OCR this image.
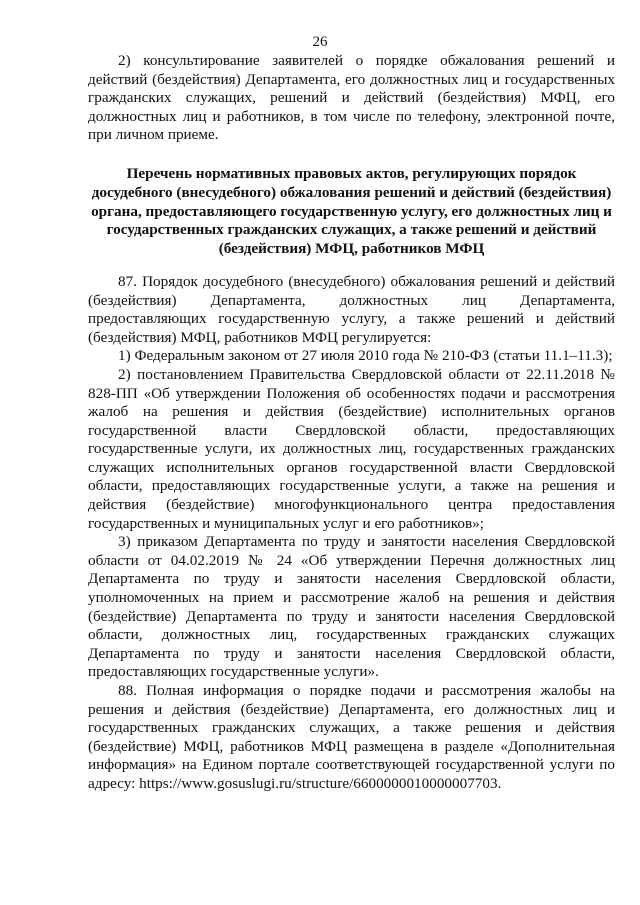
26

2) консультирование заявителей о порядке обжалования решений и действий (бездействия) Департамента, его должностных лиц и государственных гражданских служащих, решений и действий (бездействия) МФЦ, его должностных лиц и работников, в том числе по телефону, электронной почте, при личном приеме.

Перечень нормативных правовых актов, регулирующих порядок досудебного (внесудебного) обжалования решений и действий (бездействия) органа, предоставляющего государственную услугу, его должностных лиц и государственных гражданских служащих, а также решений и действий (бездействия) МФЦ, работников МФЦ

87. Порядок досудебного (внесудебного) обжалования решений и действий (бездействия) Департамента, должностных лиц Департамента, предоставляющих государственную услугу, а также решений и действий (бездействия) МФЦ, работников МФЦ регулируется:

1) Федеральным законом от 27 июля 2010 года № 210-ФЗ (статьи 11.1–11.3);

2) постановлением Правительства Свердловской области от 22.11.2018 № 828-ПП «Об утверждении Положения об особенностях подачи и рассмотрения жалоб на решения и действия (бездействие) исполнительных органов государственной власти Свердловской области, предоставляющих государственные услуги, их должностных лиц, государственных гражданских служащих исполнительных органов государственной власти Свердловской области, предоставляющих государственные услуги, а также на решения и действия (бездействие) многофункционального центра предоставления государственных и муниципальных услуг и его работников»;

3) приказом Департамента по труду и занятости населения Свердловской области от 04.02.2019 № 24 «Об утверждении Перечня должностных лиц Департамента по труду и занятости населения Свердловской области, уполномоченных на прием и рассмотрение жалоб на решения и действия (бездействие) Департамента по труду и занятости населения Свердловской области, должностных лиц, государственных гражданских служащих Департамента по труду и занятости населения Свердловской области, предоставляющих государственные услуги».

88. Полная информация о порядке подачи и рассмотрения жалобы на решения и действия (бездействие) Департамента, его должностных лиц и государственных гражданских служащих, а также решения и действия (бездействие) МФЦ, работников МФЦ размещена в разделе «Дополнительная информация» на Едином портале соответствующей государственной услуги по адресу: https://www.gosuslugi.ru/structure/6600000010000007703.
